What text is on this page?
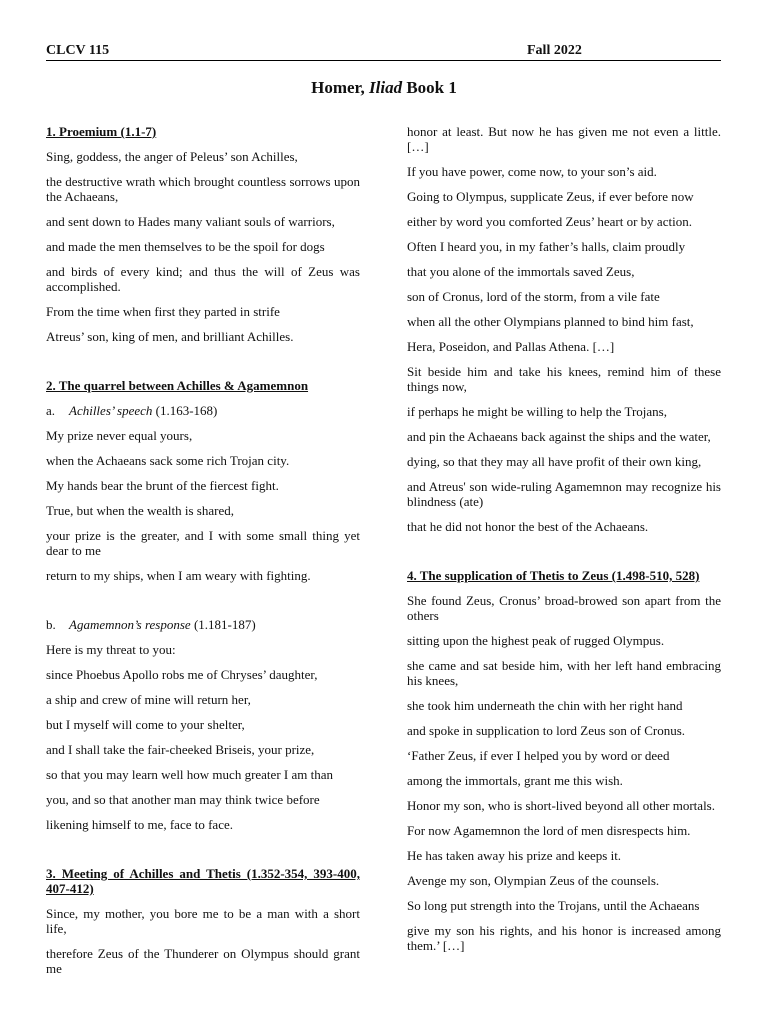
CLCV 115	Fall 2022
Homer, Iliad Book 1
1. Proemium (1.1-7)

Sing, goddess, the anger of Peleus’ son Achilles,

the destructive wrath which brought countless sorrows upon the Achaeans,

and sent down to Hades many valiant souls of warriors,

and made the men themselves to be the spoil for dogs

and birds of every kind; and thus the will of Zeus was accomplished.

From the time when first they parted in strife

Atreus’ son, king of men, and brilliant Achilles.

2. The quarrel between Achilles & Agamemnon

a. Achilles’ speech (1.163-168)

My prize never equal yours,

when the Achaeans sack some rich Trojan city.

My hands bear the brunt of the fiercest fight.

True, but when the wealth is shared,

your prize is the greater, and I with some small thing yet dear to me

return to my ships, when I am weary with fighting.

b. Agamemnon’s response (1.181-187)

Here is my threat to you:

since Phoebus Apollo robs me of Chryses’ daughter,

a ship and crew of mine will return her,

but I myself will come to your shelter,

and I shall take the fair-cheeked Briseis, your prize,

so that you may learn well how much greater I am than

you, and so that another man may think twice before

likening himself to me, face to face.

3. Meeting of Achilles and Thetis (1.352-354, 393-400, 407-412)

Since, my mother, you bore me to be a man with a short life,

therefore Zeus of the Thunderer on Olympus should grant me

honor at least. But now he has given me not even a little. […]

If you have power, come now, to your son’s aid.

Going to Olympus, supplicate Zeus, if ever before now

either by word you comforted Zeus’ heart or by action.

Often I heard you, in my father’s halls, claim proudly

that you alone of the immortals saved Zeus,

son of Cronus, lord of the storm, from a vile fate

when all the other Olympians planned to bind him fast,

Hera, Poseidon, and Pallas Athena. […]

Sit beside him and take his knees, remind him of these things now,

if perhaps he might be willing to help the Trojans,

and pin the Achaeans back against the ships and the water,

dying, so that they may all have profit of their own king,

and Atreus' son wide-ruling Agamemnon may recognize his blindness (ate)

that he did not honor the best of the Achaeans.

4. The supplication of Thetis to Zeus (1.498-510, 528)

She found Zeus, Cronus’ broad-browed son apart from the others

sitting upon the highest peak of rugged Olympus.

she came and sat beside him, with her left hand embracing his knees,

she took him underneath the chin with her right hand

and spoke in supplication to lord Zeus son of Cronus.

‘Father Zeus, if ever I helped you by word or deed

among the immortals, grant me this wish.

Honor my son, who is short-lived beyond all other mortals.

For now Agamemnon the lord of men disrespects him.

He has taken away his prize and keeps it.

Avenge my son, Olympian Zeus of the counsels.

So long put strength into the Trojans, until the Achaeans

give my son his rights, and his honor is increased among them.’ […]
